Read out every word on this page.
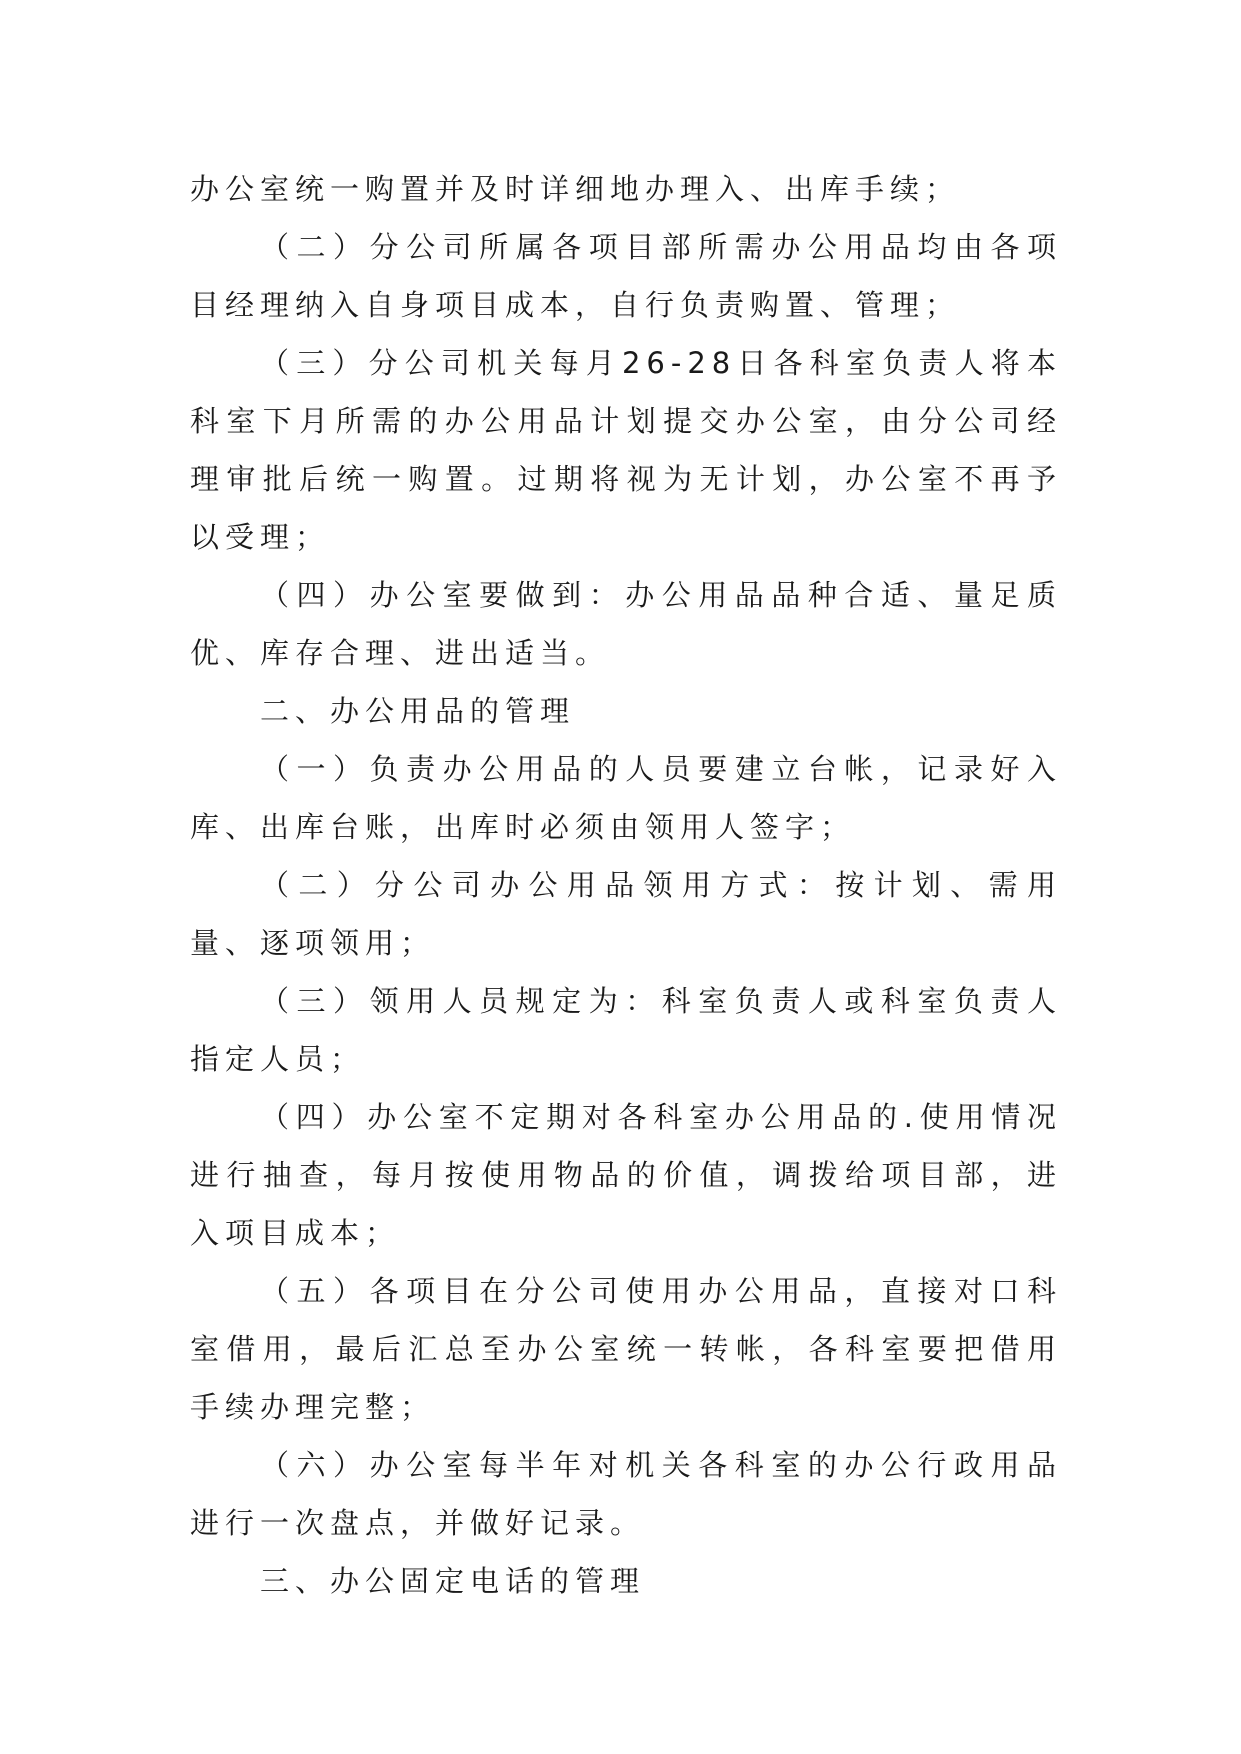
办公室统一购置并及时详细地办理入、出库手续；

（二）分公司所属各项目部所需办公用品均由各项目经理纳入自身项目成本，自行负责购置、管理；

（三）分公司机关每月26-28日各科室负责人将本科室下月所需的办公用品计划提交办公室，由分公司经理审批后统一购置。过期将视为无计划，办公室不再予以受理；

（四）办公室要做到：办公用品品种合适、量足质优、库存合理、进出适当。

二、办公用品的管理

（一）负责办公用品的人员要建立台帐，记录好入库、出库台账，出库时必须由领用人签字；

（二）分公司办公用品领用方式：按计划、需用量、逐项领用；

（三）领用人员规定为：科室负责人或科室负责人指定人员；

（四）办公室不定期对各科室办公用品的.使用情况进行抽查，每月按使用物品的价值，调拨给项目部，进入项目成本；

（五）各项目在分公司使用办公用品，直接对口科室借用，最后汇总至办公室统一转帐，各科室要把借用手续办理完整；

（六）办公室每半年对机关各科室的办公行政用品进行一次盘点，并做好记录。

三、办公固定电话的管理
